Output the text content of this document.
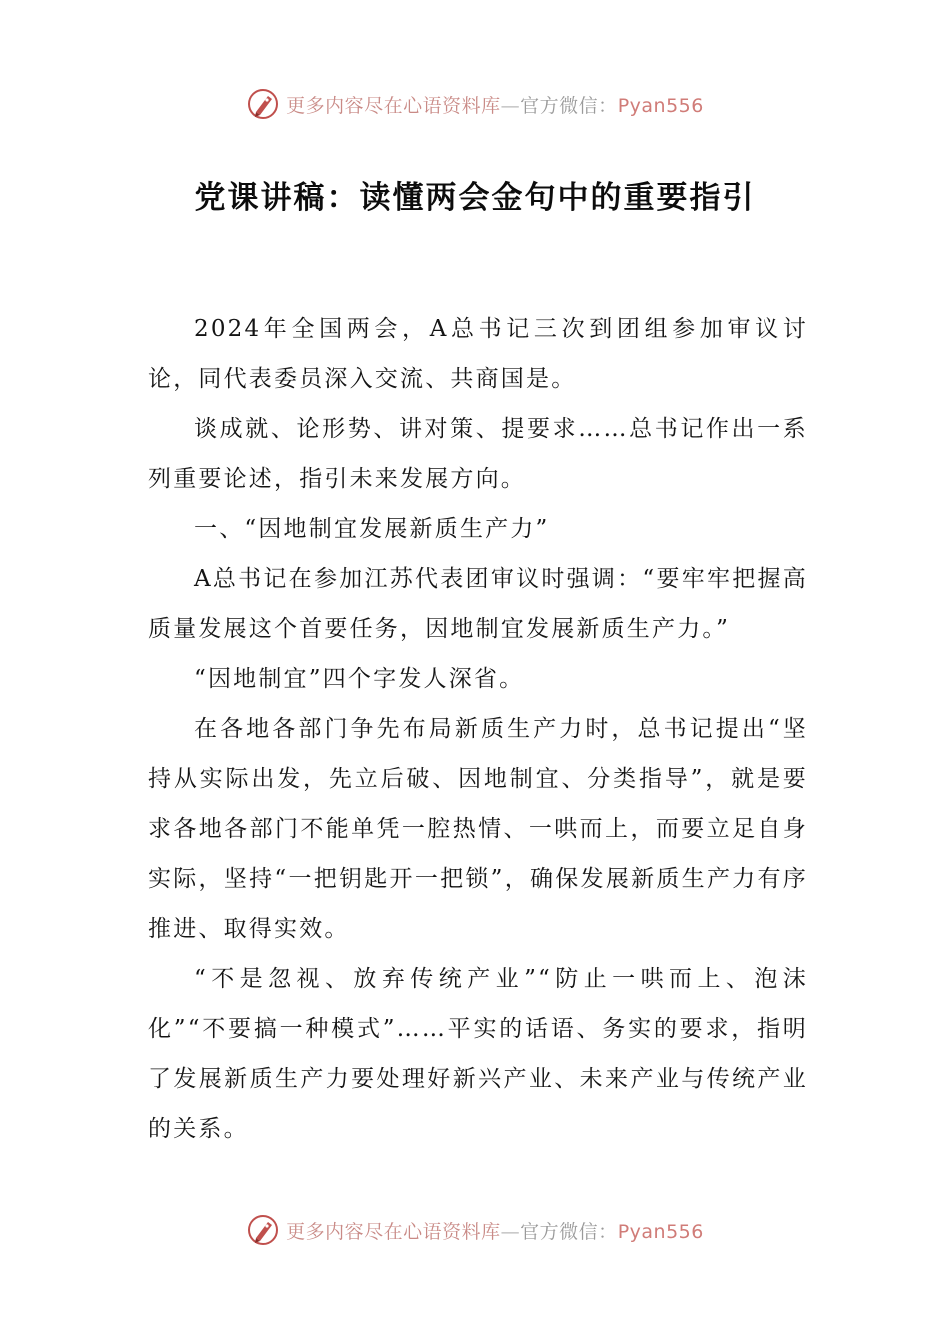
更多内容尽在心语资料库—官方微信：Pyan556
党课讲稿：读懂两会金句中的重要指引

2024年全国两会，A总书记三次到团组参加审议讨论，同代表委员深入交流、共商国是。

谈成就、论形势、讲对策、提要求……总书记作出一系列重要论述，指引未来发展方向。

一、“因地制宜发展新质生产力”

A总书记在参加江苏代表团审议时强调：“要牢牢把握高质量发展这个首要任务，因地制宜发展新质生产力。”

“因地制宜”四个字发人深省。

在各地各部门争先布局新质生产力时，总书记提出“坚持从实际出发，先立后破、因地制宜、分类指导”，就是要求各地各部门不能单凭一腔热情、一哄而上，而要立足自身实际，坚持“一把钥匙开一把锁”，确保发展新质生产力有序推进、取得实效。

“不是忽视、放弃传统产业”“防止一哄而上、泡沫化”“不要搞一种模式”……平实的话语、务实的要求，指明了发展新质生产力要处理好新兴产业、未来产业与传统产业的关系。

更多内容尽在心语资料库—官方微信：Pyan556
